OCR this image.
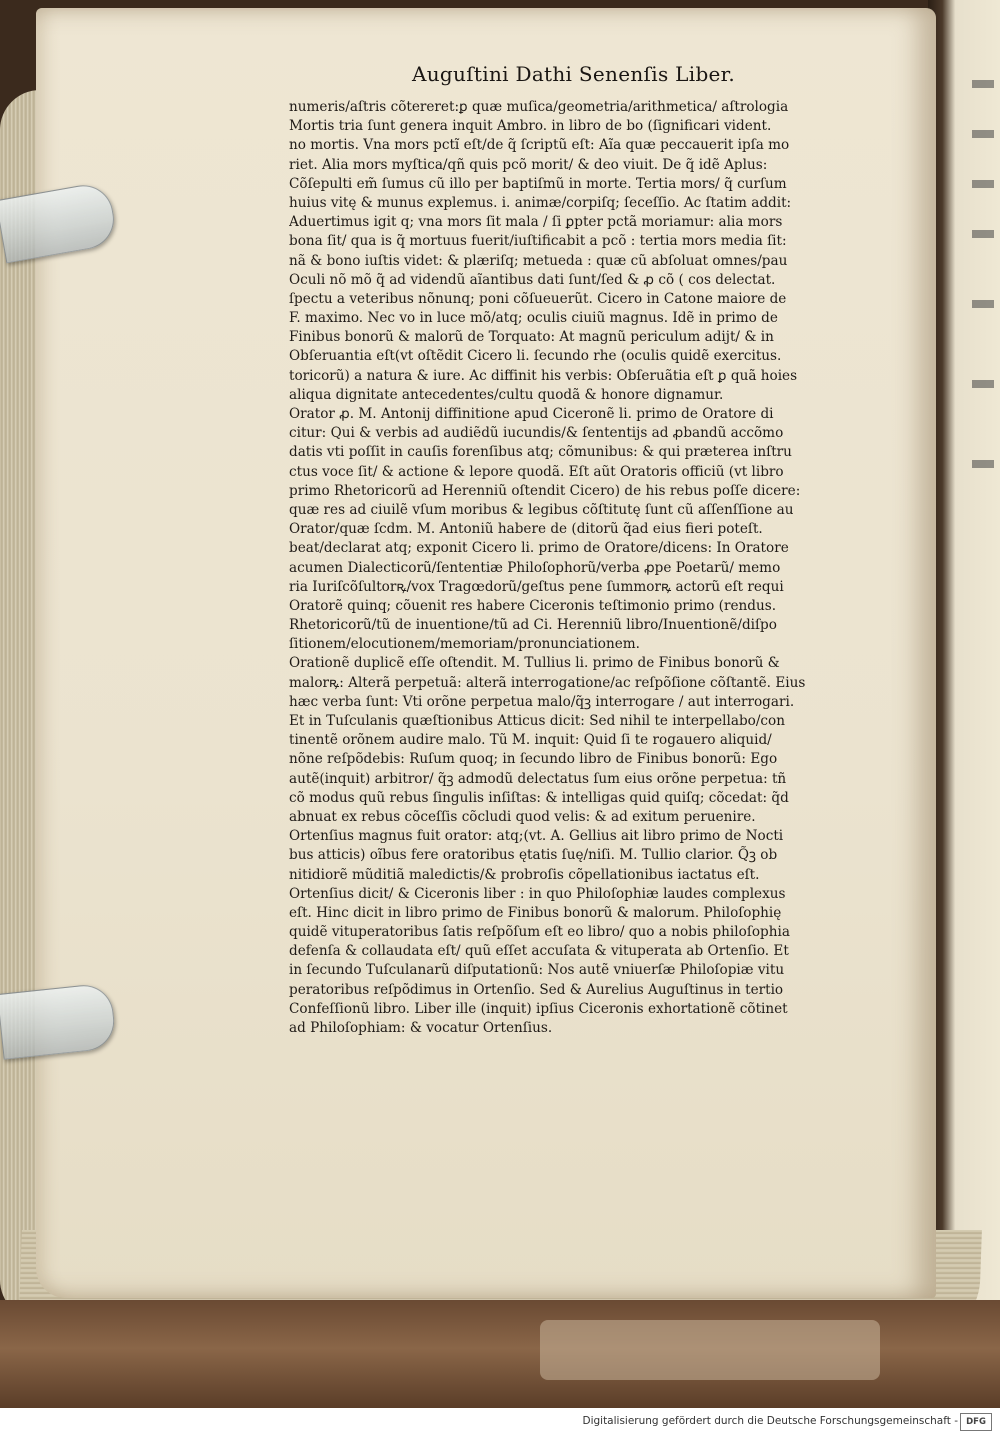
Auguſtini Dathi Senenſis Liber.
numeris/aſtris cõtereret:ꝑ quæ muſica/geometria/arithmetica/ aſtrologia
Mortis tria ſunt genera inquit Ambro. in libro de bo (ſignificari vident.
no mortis. Vna mors pctĩ eſt/de q̃ ſcriptũ eſt: Aĩa quæ peccauerit ipſa mo
riet. Alia mors myſtica/qñ quis pcõ morit/ & deo viuit. De q̃ idẽ Aplus:
Cõſepulti em̃ ſumus cũ illo per baptiſmũ in morte. Tertia mors/ q̃ curſum
huius vitę & munus explemus. i. animæ/corpiſq; ſeceſſio. Ac ſtatim addit:
Aduertimus igit q; vna mors ſit mala / ſi ꝑpter pctã moriamur: alia mors
bona ſit/ qua is q̃ mortuus fuerit/iuſtificabit a pcõ : tertia mors media ſit:
nã & bono iuſtis videt: & plæriſq; metueda : quæ cũ abſoluat omnes/pau
Oculi nõ mõ q̃ ad videndũ aĩantibus dati ſunt/ſed & ꝓ cõ ( cos delectat.
ſpectu a veteribus nõnunq; poni cõſueuerũt. Cicero in Catone maiore de
F. maximo. Nec vo in luce mõ/atq; oculis ciuiũ magnus. Idẽ in primo de
Finibus bonorũ & malorũ de Torquato: At magnũ periculum adijt/ & in
Obſeruantia eſt(vt oſtẽdit Cicero li. ſecundo rhe (oculis quidẽ exercitus.
toricorũ) a natura & iure. Ac diffinit his verbis: Obſeruãtia eſt ꝑ quã hoies
aliqua dignitate antecedentes/cultu quodã & honore dignamur.
Orator ꝓ. M. Antonij diffinitione apud Ciceronẽ li. primo de Oratore di
citur: Qui & verbis ad audiẽdũ iucundis/& ſententijs ad ꝓbandũ accõmo
datis vti poſſit in cauſis forenſibus atq; cõmunibus: & qui præterea inſtru
ctus voce ſit/ & actione & lepore quodã. Eſt aũt Oratoris officiũ (vt libro
primo Rhetoricorũ ad Herenniũ oſtendit Cicero) de his rebus poſſe dicere:
quæ res ad ciuilẽ vſum moribus & legibus cõſtitutę ſunt cũ aſſenſſione au
Orator/quæ ſcdm. M. Antoniũ habere de (ditorũ q̃ad eius fieri poteſt.
beat/declarat atq; exponit Cicero li. primo de Oratore/dicens: In Oratore
acumen Dialecticorũ/ſententiæ Philoſophorũ/verba ꝓpe Poetarũ/ memo
ria Iuriſcõſultorꝶ/vox Tragœdorũ/geſtus pene ſummorꝶ actorũ eſt requi
Oratorẽ quinq; cõuenit res habere Ciceronis teſtimonio primo (rendus.
Rhetoricorũ/tũ de inuentione/tũ ad Ci. Herenniũ libro/Inuentionẽ/diſpo
ſitionem/elocutionem/memoriam/pronunciationem.
Orationẽ duplicẽ eſſe oſtendit. M. Tullius li. primo de Finibus bonorũ &
malorꝶ: Alterã perpetuã: alterã interrogatione/ac reſpõſione cõſtantẽ. Eius
hæc verba ſunt: Vti orõne perpetua malo/q̃ꝫ interrogare / aut interrogari.
Et in Tuſculanis quæſtionibus Atticus dicit: Sed nihil te interpellabo/con
tinentẽ orõnem audire malo. Tũ M. inquit: Quid ſi te rogauero aliquid/
nõne reſpõdebis: Ruſum quoq; in ſecundo libro de Finibus bonorũ: Ego
autẽ(inquit) arbitror/ q̃ꝫ admodũ delectatus ſum eius orõne perpetua: tñ
cõ modus quũ rebus ſingulis inſiſtas: & intelligas quid quiſq; cõcedat: q̃d
abnuat ex rebus cõceſſis cõcludi quod velis: & ad exitum peruenire.
Ortenſius magnus fuit orator: atq;(vt. A. Gellius ait libro primo de Nocti
bus atticis) oĩbus fere oratoribus ętatis ſuę/niſi. M. Tullio clarior. Q̃ꝫ ob
nitidiorẽ mũditiã maledictis/& probroſis cõpellationibus iactatus eſt.
Ortenſius dicit/ & Ciceronis liber : in quo Philoſophiæ laudes complexus
eſt. Hinc dicit in libro primo de Finibus bonorũ & malorum. Philoſophię
quidẽ vituperatoribus ſatis reſpõſum eſt eo libro/ quo a nobis philoſophia
defenſa & collaudata eſt/ quũ eſſet accuſata & vituperata ab Ortenſio. Et
in ſecundo Tuſculanarũ diſputationũ: Nos autẽ vniuerſæ Philoſopiæ vitu
peratoribus reſpõdimus in Ortenſio. Sed & Aurelius Auguſtinus in tertio
Confeſſionũ libro. Liber ille (inquit) ipſius Ciceronis exhortationẽ cõtinet
ad Philoſophiam: & vocatur Ortenſius.
Digitalisierung gefördert durch die Deutsche Forschungsgemeinschaft - DFG
